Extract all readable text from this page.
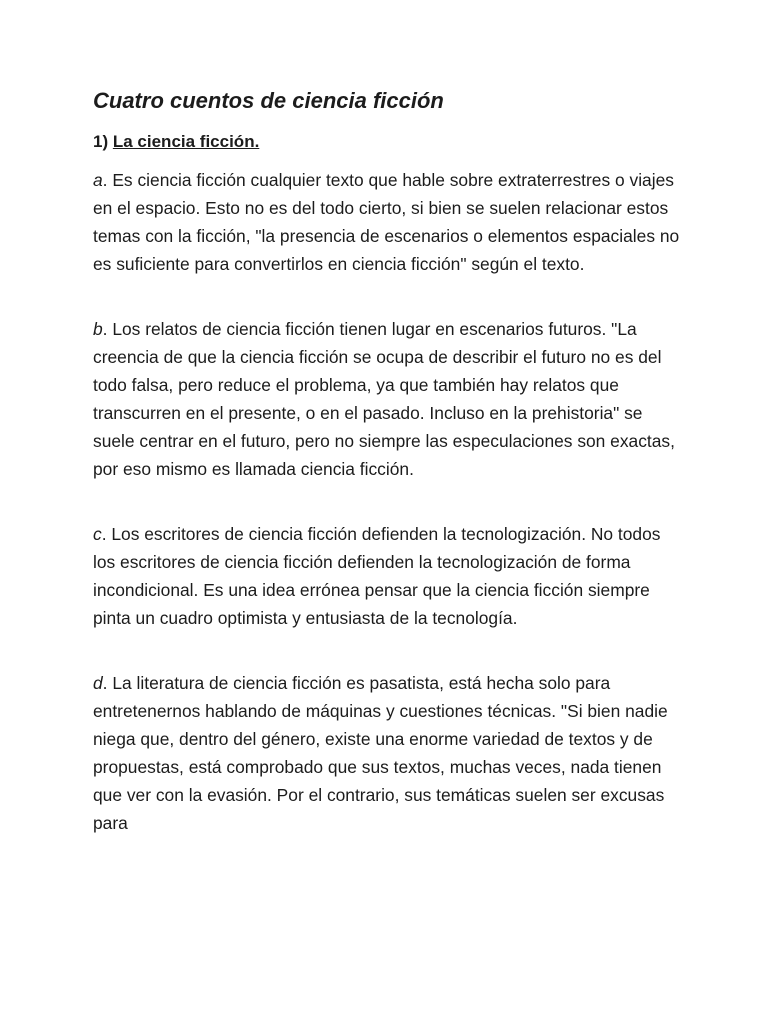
Cuatro cuentos de ciencia ficción
1) La ciencia ficción.

a. Es ciencia ficción cualquier texto que hable sobre extraterrestres o viajes en el espacio. Esto no es del todo cierto, si bien se suelen relacionar estos temas con la ficción, "la presencia de escenarios o elementos espaciales no es suficiente para convertirlos en ciencia ficción" según el texto.

b. Los relatos de ciencia ficción tienen lugar en escenarios futuros. "La creencia de que la ciencia ficción se ocupa de describir el futuro no es del todo falsa, pero reduce el problema, ya que también hay relatos que transcurren en el presente, o en el pasado. Incluso en la prehistoria" se suele centrar en el futuro, pero no siempre las especulaciones son exactas, por eso mismo es llamada ciencia ficción.

c. Los escritores de ciencia ficción defienden la tecnologización. No todos los escritores de ciencia ficción defienden la tecnologización de forma incondicional. Es una idea errónea pensar que la ciencia ficción siempre pinta un cuadro optimista y entusiasta de la tecnología.

d. La literatura de ciencia ficción es pasatista, está hecha solo para entretenernos hablando de máquinas y cuestiones técnicas. "Si bien nadie niega que, dentro del género, existe una enorme variedad de textos y de propuestas, está comprobado que sus textos, muchas veces, nada tienen que ver con la evasión. Por el contrario, sus temáticas suelen ser excusas para
